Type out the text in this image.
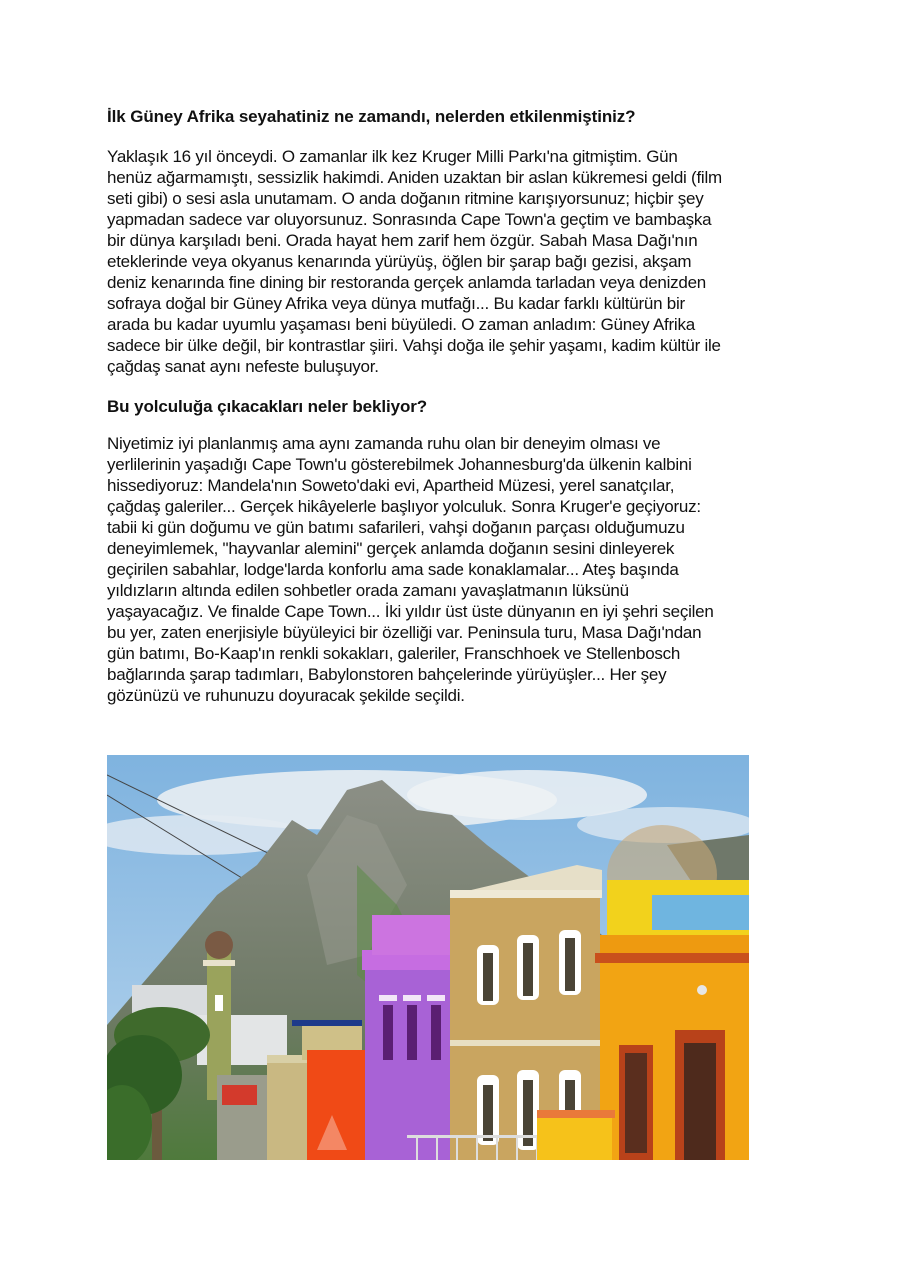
İlk Güney Afrika seyahatiniz ne zamandı, nelerden etkilenmiştiniz?
Yaklaşık 16 yıl önceydi. O zamanlar ilk kez Kruger Milli Parkı'na gitmiştim. Gün
henüz ağarmamıştı, sessizlik hakimdi. Aniden uzaktan bir aslan kükremesi geldi (film
seti gibi) o sesi asla unutamam. O anda doğanın ritmine karışıyorsunuz; hiçbir şey
yapmadan sadece var oluyorsunuz. Sonrasında Cape Town'a geçtim ve bambaşka
bir dünya karşıladı beni. Orada hayat hem zarif hem özgür. Sabah Masa Dağı'nın
eteklerinde veya okyanus kenarında yürüyüş, öğlen bir şarap bağı gezisi, akşam
deniz kenarında fine dining bir restoranda gerçek anlamda tarladan veya denizden
sofraya doğal bir Güney Afrika veya dünya mutfağı... Bu kadar farklı kültürün bir
arada bu kadar uyumlu yaşaması beni büyüledi. O zaman anladım: Güney Afrika
sadece bir ülke değil, bir kontrastlar şiiri. Vahşi doğa ile şehir yaşamı, kadim kültür ile
çağdaş sanat aynı nefeste buluşuyor.
Bu yolculuğa çıkacakları neler bekliyor?
Niyetimiz iyi planlanmış ama aynı zamanda ruhu olan bir deneyim olması ve
yerlilerinin yaşadığı Cape Town'u gösterebilmek Johannesburg'da ülkenin kalbini
hissediyoruz: Mandela'nın Soweto'daki evi, Apartheid Müzesi, yerel sanatçılar,
çağdaş galeriler... Gerçek hikâyelerle başlıyor yolculuk. Sonra Kruger'e geçiyoruz:
tabii ki gün doğumu ve gün batımı safarileri, vahşi doğanın parçası olduğumuzu
deneyimlemek, "hayvanlar alemini" gerçek anlamda doğanın sesini dinleyerek
geçirilen sabahlar, lodge'larda konforlu ama sade konaklamalar... Ateş başında
yıldızların altında edilen sohbetler orada zamanı yavaşlatmanın lüksünü
yaşayacağız. Ve finalde Cape Town... İki yıldır üst üste dünyanın en iyi şehri seçilen
bu yer, zaten enerjisiyle büyüleyici bir özelliği var. Peninsula turu, Masa Dağı'ndan
gün batımı, Bo-Kaap'ın renkli sokakları, galeriler, Franschhoek ve Stellenbosch
bağlarında şarap tadımları, Babylonstoren bahçelerinde yürüyüşler... Her şey
gözünüzü ve ruhunuzu doyuracak şekilde seçildi.
